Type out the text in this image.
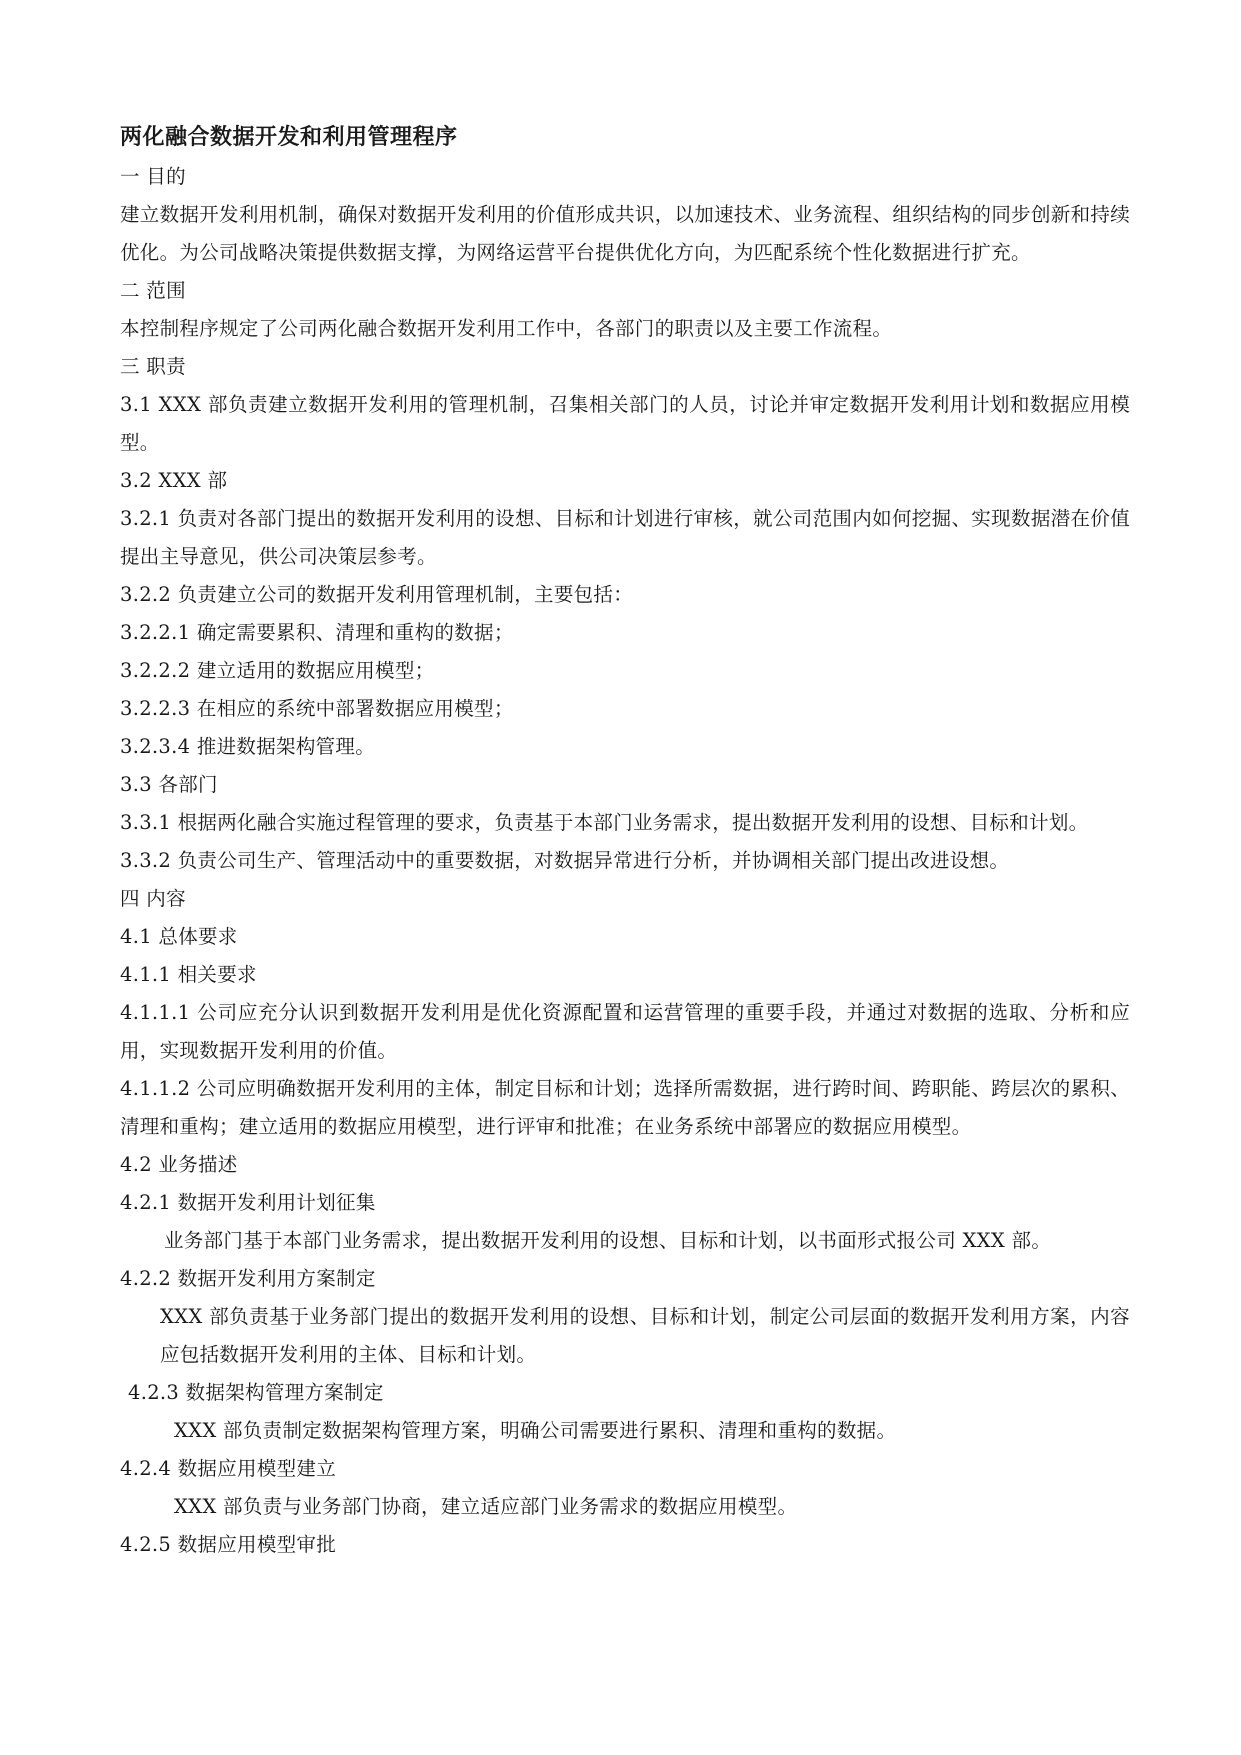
两化融合数据开发和利用管理程序

一 目的

建立数据开发利用机制，确保对数据开发利用的价值形成共识，以加速技术、业务流程、组织结构的同步创新和持续优化。为公司战略决策提供数据支撑，为网络运营平台提供优化方向，为匹配系统个性化数据进行扩充。

二 范围

本控制程序规定了公司两化融合数据开发利用工作中，各部门的职责以及主要工作流程。

三 职责

3.1 XXX 部负责建立数据开发利用的管理机制，召集相关部门的人员，讨论并审定数据开发利用计划和数据应用模型。

3.2 XXX 部

3.2.1 负责对各部门提出的数据开发利用的设想、目标和计划进行审核，就公司范围内如何挖掘、实现数据潜在价值提出主导意见，供公司决策层参考。

3.2.2 负责建立公司的数据开发利用管理机制，主要包括：

3.2.2.1 确定需要累积、清理和重构的数据；

3.2.2.2 建立适用的数据应用模型；

3.2.2.3 在相应的系统中部署数据应用模型；

3.2.3.4 推进数据架构管理。

3.3 各部门

3.3.1 根据两化融合实施过程管理的要求，负责基于本部门业务需求，提出数据开发利用的设想、目标和计划。

3.3.2 负责公司生产、管理活动中的重要数据，对数据异常进行分析，并协调相关部门提出改进设想。

四 内容

4.1 总体要求

4.1.1 相关要求

4.1.1.1 公司应充分认识到数据开发利用是优化资源配置和运营管理的重要手段，并通过对数据的选取、分析和应用，实现数据开发利用的价值。

4.1.1.2 公司应明确数据开发利用的主体，制定目标和计划；选择所需数据，进行跨时间、跨职能、跨层次的累积、清理和重构；建立适用的数据应用模型，进行评审和批准；在业务系统中部署应的数据应用模型。

4.2 业务描述

4.2.1 数据开发利用计划征集

业务部门基于本部门业务需求，提出数据开发利用的设想、目标和计划，以书面形式报公司 XXX 部。

4.2.2 数据开发利用方案制定

XXX 部负责基于业务部门提出的数据开发利用的设想、目标和计划，制定公司层面的数据开发利用方案，内容应包括数据开发利用的主体、目标和计划。

4.2.3 数据架构管理方案制定

XXX 部负责制定数据架构管理方案，明确公司需要进行累积、清理和重构的数据。

4.2.4 数据应用模型建立

XXX 部负责与业务部门协商，建立适应部门业务需求的数据应用模型。

4.2.5 数据应用模型审批
